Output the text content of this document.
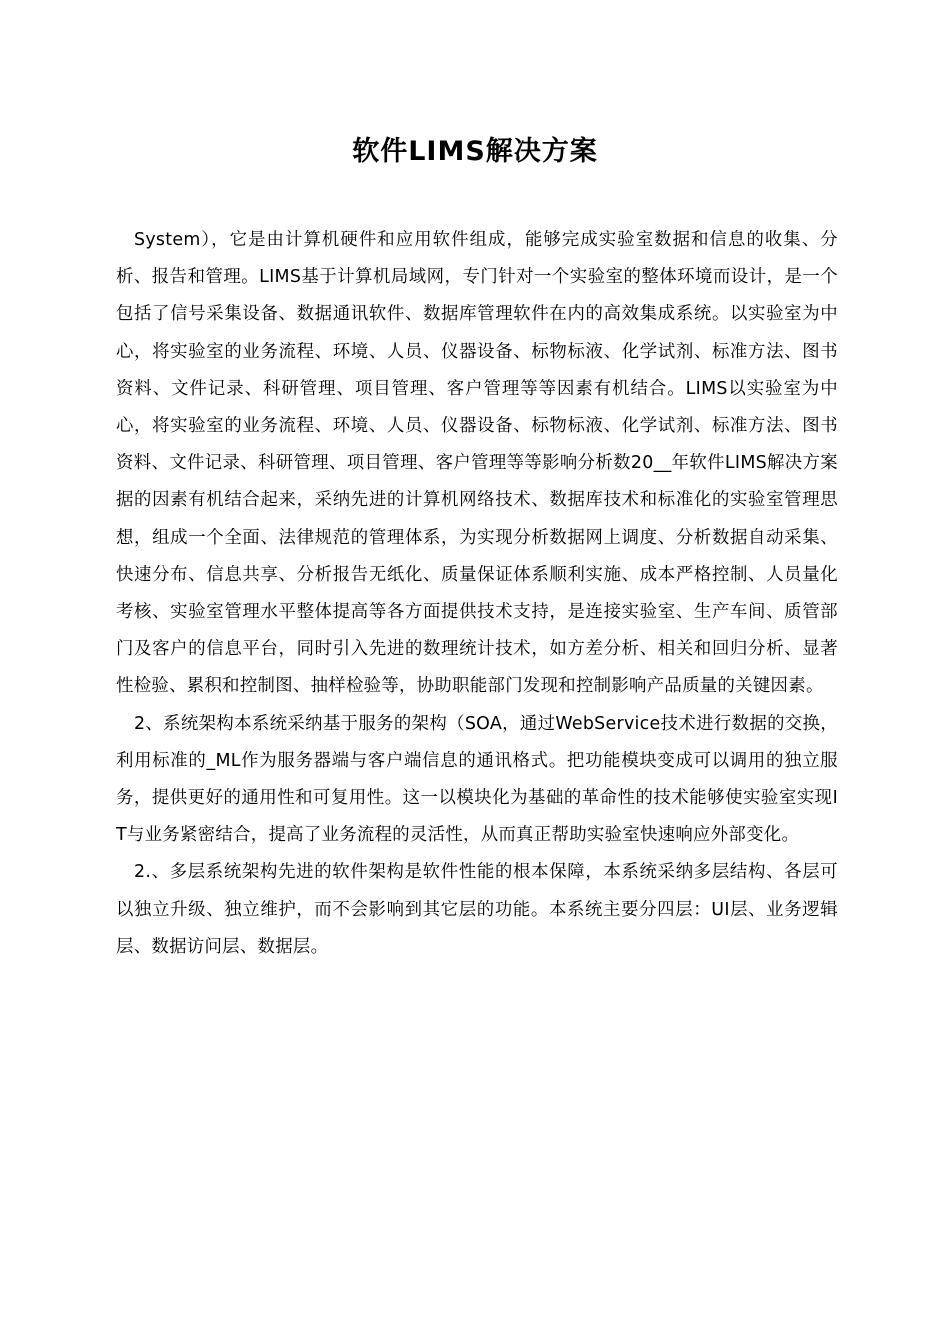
软件LIMS解决方案

System），它是由计算机硬件和应用软件组成，能够完成实验室数据和信息的收集、分析、报告和管理。LIMS基于计算机局域网，专门针对一个实验室的整体环境而设计，是一个包括了信号采集设备、数据通讯软件、数据库管理软件在内的高效集成系统。以实验室为中心，将实验室的业务流程、环境、人员、仪器设备、标物标液、化学试剂、标准方法、图书资料、文件记录、科研管理、项目管理、客户管理等等因素有机结合。LIMS以实验室为中心，将实验室的业务流程、环境、人员、仪器设备、标物标液、化学试剂、标准方法、图书资料、文件记录、科研管理、项目管理、客户管理等等影响分析数20__年软件LIMS解决方案据的因素有机结合起来，采纳先进的计算机网络技术、数据库技术和标准化的实验室管理思想，组成一个全面、法律规范的管理体系，为实现分析数据网上调度、分析数据自动采集、快速分布、信息共享、分析报告无纸化、质量保证体系顺利实施、成本严格控制、人员量化考核、实验室管理水平整体提高等各方面提供技术支持，是连接实验室、生产车间、质管部门及客户的信息平台，同时引入先进的数理统计技术，如方差分析、相关和回归分析、显著性检验、累积和控制图、抽样检验等，协助职能部门发现和控制影响产品质量的关键因素。

2、系统架构本系统采纳基于服务的架构（SOA，通过WebService技术进行数据的交换，利用标准的_ML作为服务器端与客户端信息的通讯格式。把功能模块变成可以调用的独立服务，提供更好的通用性和可复用性。这一以模块化为基础的革命性的技术能够使实验室实现IT与业务紧密结合，提高了业务流程的灵活性，从而真正帮助实验室快速响应外部变化。

2.、多层系统架构先进的软件架构是软件性能的根本保障，本系统采纳多层结构、各层可以独立升级、独立维护，而不会影响到其它层的功能。本系统主要分四层：UI层、业务逻辑层、数据访问层、数据层。
